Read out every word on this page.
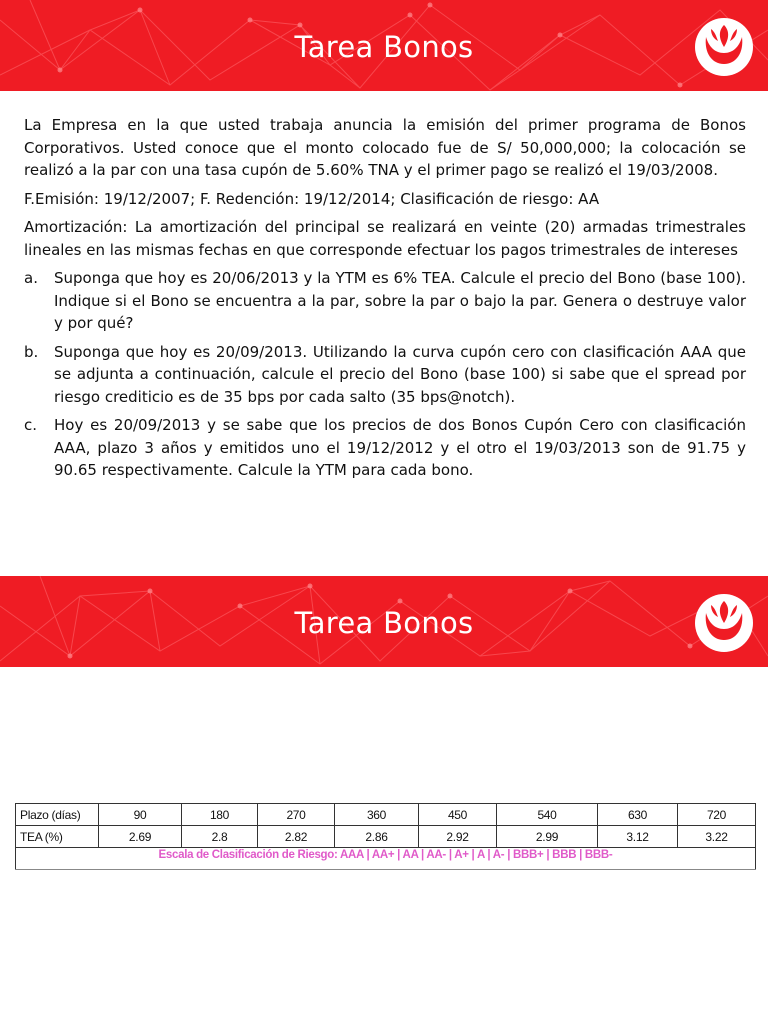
Tarea Bonos

La Empresa en la que usted trabaja anuncia la emisión del primer programa de Bonos Corporativos. Usted conoce que el monto colocado fue de S/ 50,000,000; la colocación se realizó a la par con una tasa cupón de 5.60% TNA y el primer pago se realizó el 19/03/2008.

F.Emisión: 19/12/2007; F. Redención: 19/12/2014; Clasificación de riesgo: AA

Amortización: La amortización del principal se realizará en veinte (20) armadas trimestrales lineales en las mismas fechas en que corresponde efectuar los pagos trimestrales de intereses

a.	Suponga que hoy es 20/06/2013 y la YTM es 6% TEA. Calcule el precio del Bono (base 100). Indique si el Bono se encuentra a la par, sobre la par o bajo la par. Genera o destruye valor y por qué?
b.	Suponga que hoy es 20/09/2013. Utilizando la curva cupón cero con clasificación AAA que se adjunta a continuación, calcule el precio del Bono (base 100) si sabe que el spread por riesgo crediticio es de 35 bps por cada salto (35 bps@notch).
c.	Hoy es 20/09/2013 y se sabe que los precios de dos Bonos Cupón Cero con clasificación AAA, plazo 3 años y emitidos uno el 19/12/2012 y el otro el 19/03/2013 son de 91.75 y 90.65 respectivamente. Calcule la YTM para cada bono.
Tarea Bonos
Plazo (días)	90	180	270	360	450	540	630	720
TEA (%)	2.69	2.8	2.82	2.86	2.92	2.99	3.12	3.22
Escala de Clasificación de Riesgo: AAA | AA+ | AA | AA- | A+ | A | A- | BBB+ | BBB | BBB-								
